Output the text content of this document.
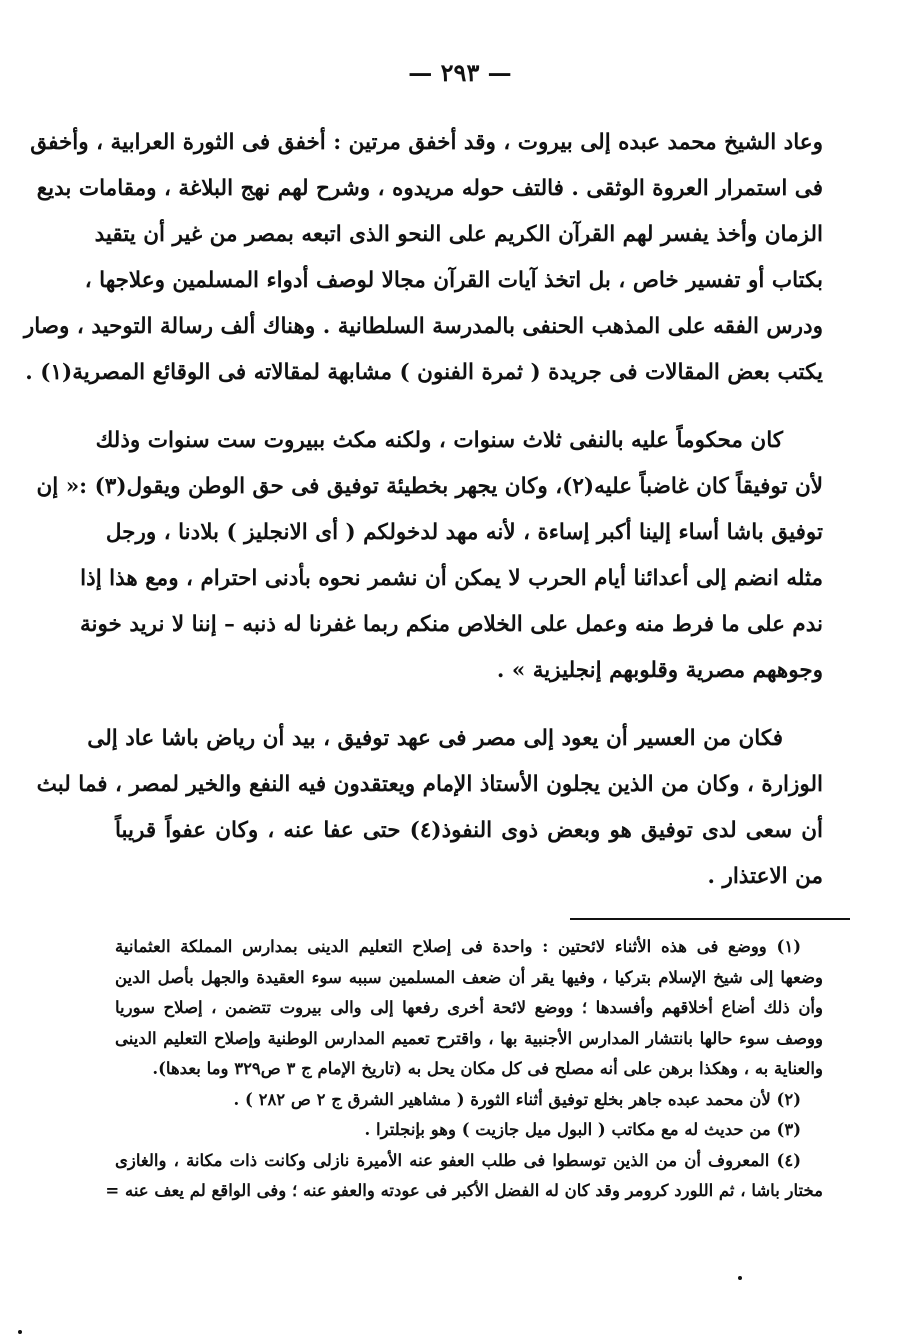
— ٢٩٣ —

وعاد الشيخ محمد عبده إلى بيروت ، وقد أخفق مرتين : أخفق فى الثورة العرابية ، وأخفق
فى استمرار العروة الوثقى . فالتف حوله مريدوه ، وشرح لهم نهج البلاغة ، ومقامات بديع
الزمان وأخذ يفسر لهم القرآن الكريم على النحو الذى اتبعه بمصر من غير أن يتقيد
بكتاب أو تفسير خاص ، بل اتخذ آيات القرآن مجالا لوصف أدواء المسلمين وعلاجها ،
ودرس الفقه على المذهب الحنفى بالمدرسة السلطانية . وهناك ألف رسالة التوحيد ، وصار
يكتب بعض المقالات فى جريدة ( ثمرة الفنون ) مشابهة لمقالاته فى الوقائع المصرية(١) .

كان محكوماً عليه بالنفى ثلاث سنوات ، ولكنه مكث ببيروت ست سنوات وذلك
لأن توفيقاً كان غاضباً عليه(٢)، وكان يجهر بخطيئة توفيق فى حق الوطن ويقول(٣) :« إن
توفيق باشا أساء إلينا أكبر إساءة ، لأنه مهد لدخولكم ( أى الانجليز ) بلادنا ، ورجل
مثله انضم إلى أعدائنا أيام الحرب لا يمكن أن نشمر نحوه بأدنى احترام ، ومع هذا إذا
ندم على ما فرط منه وعمل على الخلاص منكم ربما غفرنا له ذنبه – إننا لا نريد خونة
وجوههم مصرية وقلوبهم إنجليزية » .

فكان من العسير أن يعود إلى مصر فى عهد توفيق ، بيد أن رياض باشا عاد إلى
الوزارة ، وكان من الذين يجلون الأستاذ الإمام ويعتقدون فيه النفع والخير لمصر ، فما لبث
أن سعى لدى توفيق هو وبعض ذوى النفوذ(٤) حتى عفا عنه ، وكان عفواً قريباً
من الاعتذار .

(١) ووضع فى هذه الأثناء لائحتين : واحدة فى إصلاح التعليم الدينى بمدارس المملكة العثمانية
وضعها إلى شيخ الإسلام بتركيا ، وفيها يقر أن ضعف المسلمين سببه سوء العقيدة والجهل بأصل الدين
وأن ذلك أضاع أخلاقهم وأفسدها ؛ ووضع لائحة أخرى رفعها إلى والى بيروت تتضمن ، إصلاح سوريا
ووصف سوء حالها بانتشار المدارس الأجنبية بها ، واقترح تعميم المدارس الوطنية وإصلاح التعليم الدينى
والعناية به ، وهكذا برهن على أنه مصلح فى كل مكان يحل به (تاريخ الإمام ج ٣ ص٣٢٩ وما بعدها).
(٢) لأن محمد عبده جاهر بخلع توفيق أثناء الثورة ( مشاهير الشرق ج ٢ ص ٢٨٢ ) .
(٣) من حديث له مع مكاتب ( البول ميل جازيت ) وهو بإنجلترا .
(٤) المعروف أن من الذين توسطوا فى طلب العفو عنه الأميرة نازلى وكانت ذات مكانة ، والغازى
مختار باشا ، ثم اللورد كرومر وقد كان له الفضل الأكبر فى عودته والعفو عنه ؛ وفى الواقع لم يعف عنه =
